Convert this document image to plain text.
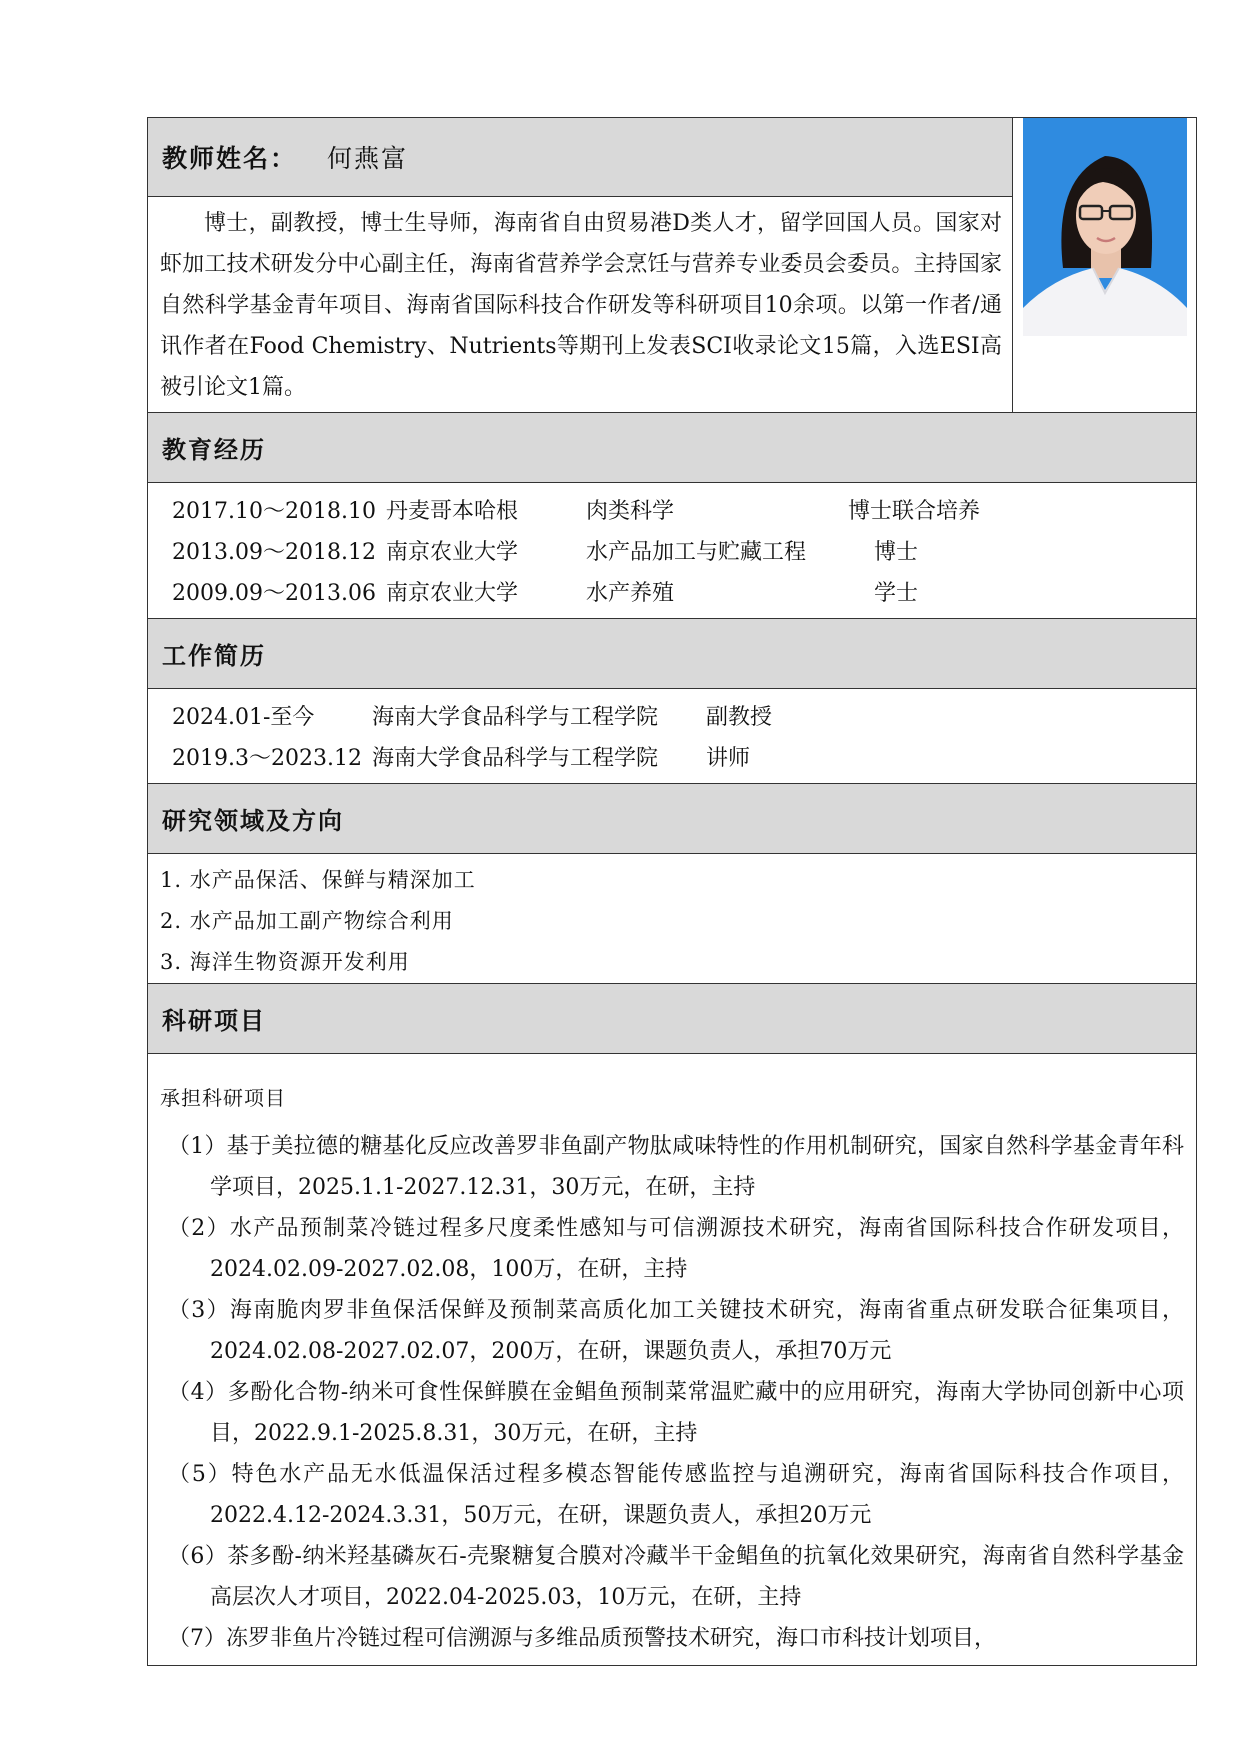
教师姓名： 何燕富
博士，副教授，博士生导师，海南省自由贸易港D类人才，留学回国人员。国家对虾加工技术研发分中心副主任，海南省营养学会烹饪与营养专业委员会委员。主持国家自然科学基金青年项目、海南省国际科技合作研发等科研项目10余项。以第一作者/通讯作者在Food Chemistry、Nutrients等期刊上发表SCI收录论文15篇，入选ESI高被引论文1篇。
教育经历
2017.10～2018.10 丹麦哥本哈根	肉类科学	博士联合培养
2013.09～2018.12 南京农业大学	水产品加工与贮藏工程	博士
2009.09～2013.06 南京农业大学	水产养殖	学士
工作简历
2024.01-至今	海南大学食品科学与工程学院	副教授
2019.3～2023.12 海南大学食品科学与工程学院	讲师
研究领域及方向
1. 水产品保活、保鲜与精深加工
2. 水产品加工副产物综合利用
3. 海洋生物资源开发利用
科研项目
承担科研项目
（1）基于美拉德的糖基化反应改善罗非鱼副产物肽咸味特性的作用机制研究，国家自然科学基金青年科学项目，2025.1.1-2027.12.31，30万元，在研，主持
（2）水产品预制菜冷链过程多尺度柔性感知与可信溯源技术研究，海南省国际科技合作研发项目，2024.02.09-2027.02.08，100万，在研，主持
（3）海南脆肉罗非鱼保活保鲜及预制菜高质化加工关键技术研究，海南省重点研发联合征集项目，2024.02.08-2027.02.07，200万，在研，课题负责人，承担70万元
（4）多酚化合物-纳米可食性保鲜膜在金鲳鱼预制菜常温贮藏中的应用研究，海南大学协同创新中心项目，2022.9.1-2025.8.31，30万元，在研，主持
（5）特色水产品无水低温保活过程多模态智能传感监控与追溯研究，海南省国际科技合作项目，2022.4.12-2024.3.31，50万元，在研，课题负责人，承担20万元
（6）茶多酚-纳米羟基磷灰石-壳聚糖复合膜对冷藏半干金鲳鱼的抗氧化效果研究，海南省自然科学基金高层次人才项目，2022.04-2025.03，10万元，在研，主持
（7）冻罗非鱼片冷链过程可信溯源与多维品质预警技术研究，海口市科技计划项目，
